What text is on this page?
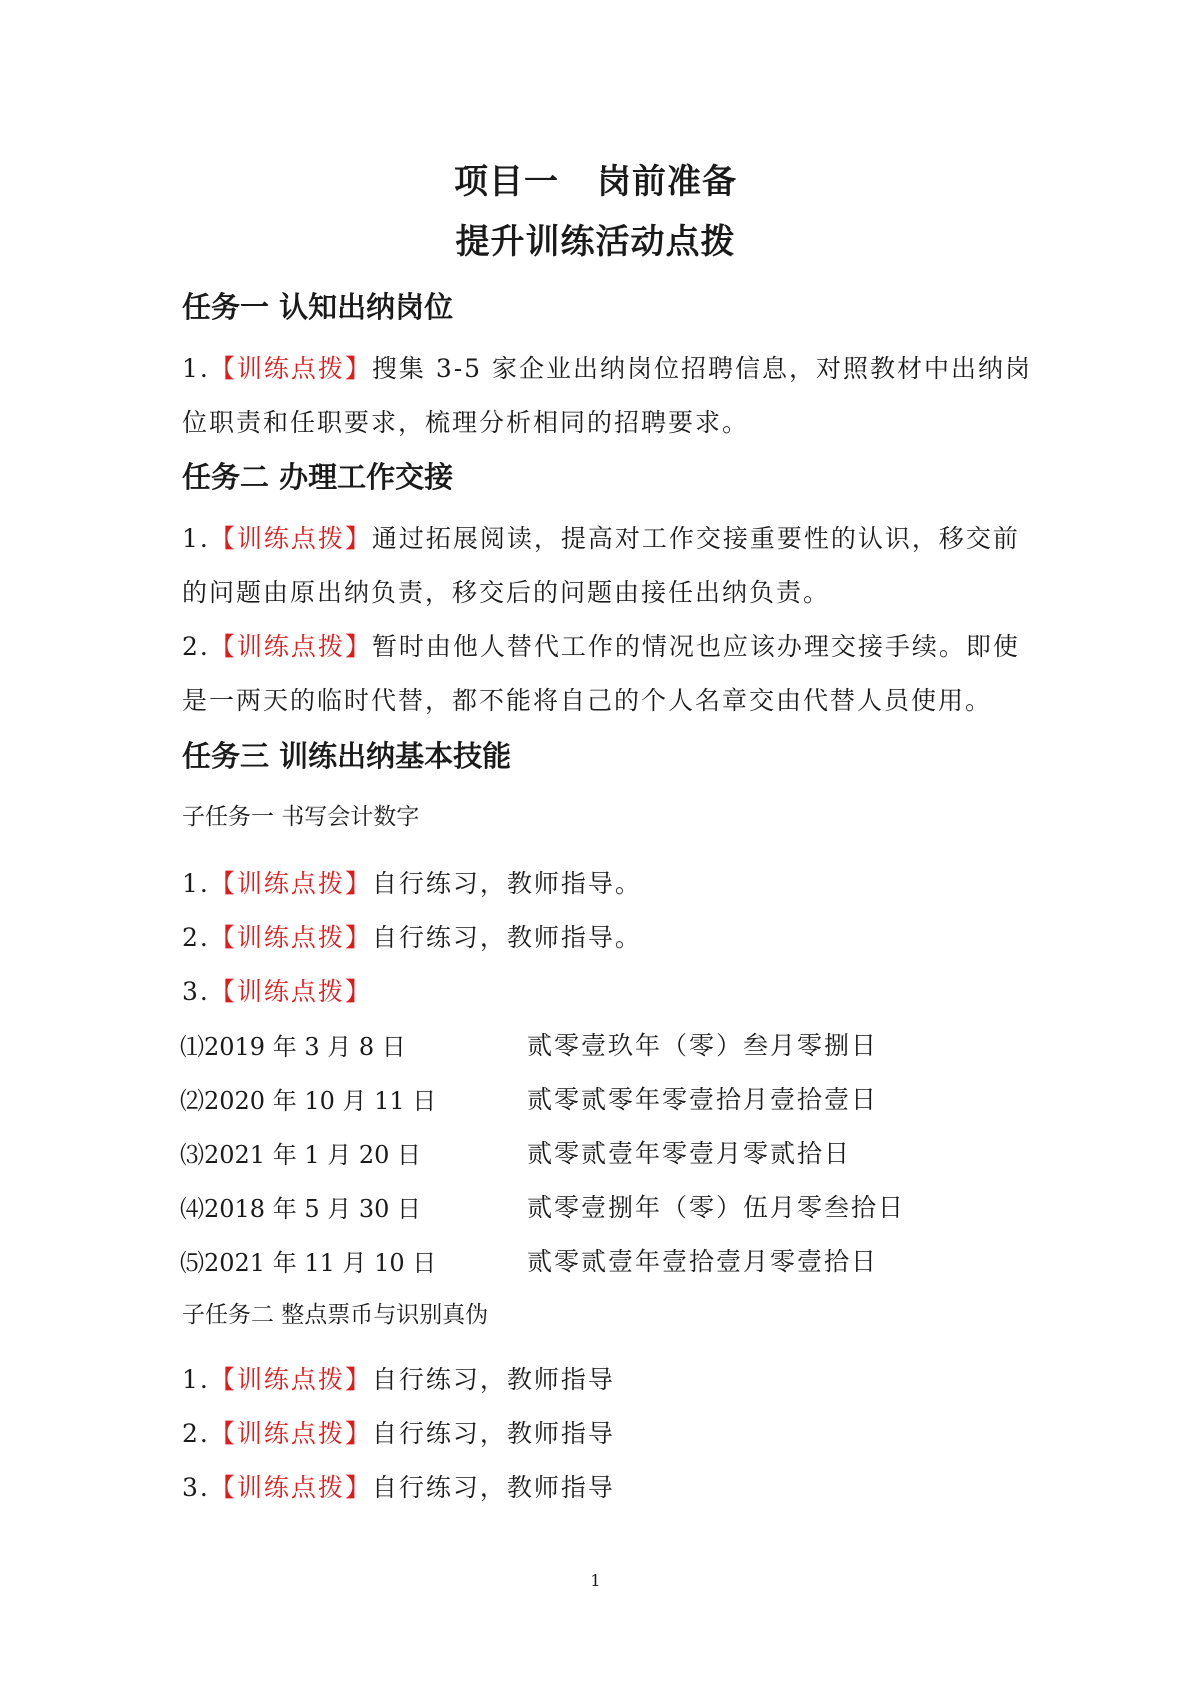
项目一 岗前准备
提升训练活动点拨
任务一 认知出纳岗位
1.【训练点拨】搜集 3-5 家企业出纳岗位招聘信息，对照教材中出纳岗位职责和任职要求，梳理分析相同的招聘要求。
任务二 办理工作交接
1.【训练点拨】通过拓展阅读，提高对工作交接重要性的认识，移交前的问题由原出纳负责，移交后的问题由接任出纳负责。
2.【训练点拨】暂时由他人替代工作的情况也应该办理交接手续。即使是一两天的临时代替，都不能将自己的个人名章交由代替人员使用。
任务三 训练出纳基本技能
子任务一 书写会计数字
1.【训练点拨】自行练习，教师指导。
2.【训练点拨】自行练习，教师指导。
3.【训练点拨】
⑴2019 年 3 月 8 日	贰零壹玖年（零）叁月零捌日
⑵2020 年 10 月 11 日	贰零贰零年零壹拾月壹拾壹日
⑶2021 年 1 月 20 日	贰零贰壹年零壹月零贰拾日
⑷2018 年 5 月 30 日	贰零壹捌年（零）伍月零叁拾日
⑸2021 年 11 月 10 日	贰零贰壹年壹拾壹月零壹拾日
子任务二 整点票币与识别真伪
1.【训练点拨】自行练习，教师指导
2.【训练点拨】自行练习，教师指导
3.【训练点拨】自行练习，教师指导
1
